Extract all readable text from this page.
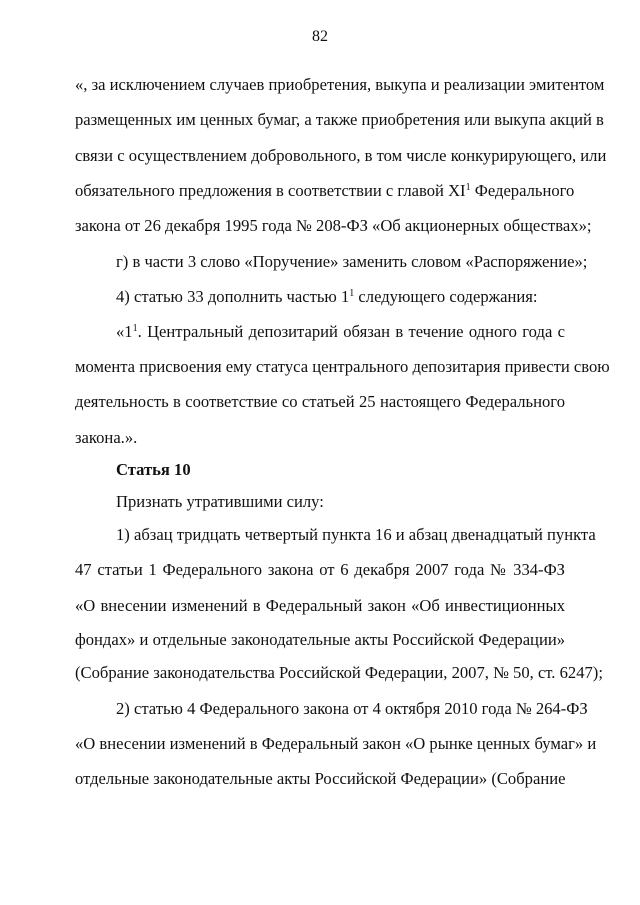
82
«, за исключением случаев приобретения, выкупа и реализации эмитентом
размещенных им ценных бумаг, а также приобретения или выкупа акций в
связи с осуществлением добровольного, в том числе конкурирующего, или
обязательного предложения в соответствии с главой $XI^1$ Федерального
закона от 26 декабря 1995 года № 208-ФЗ «Об акционерных обществах»;
г) в части 3 слово «Поручение» заменить словом «Распоряжение»;
4) статью 33 дополнить частью $1^1$ следующего содержания:
«$1^1$. Центральный депозитарий обязан в течение одного года с
момента присвоения ему статуса центрального депозитария привести свою
деятельность в соответствие со статьей 25 настоящего Федерального
закона.».
Статья 10
Признать утратившими силу:
1) абзац тридцать четвертый пункта 16 и абзац двенадцатый пункта
47 статьи 1 Федерального закона от 6 декабря 2007 года № 334-ФЗ
«О внесении изменений в Федеральный закон «Об инвестиционных
фондах» и отдельные законодательные акты Российской Федерации»
(Собрание законодательства Российской Федерации, 2007, № 50, ст. 6247);
2) статью 4 Федерального закона от 4 октября 2010 года № 264-ФЗ
«О внесении изменений в Федеральный закон «О рынке ценных бумаг» и
отдельные законодательные акты Российской Федерации» (Собрание
